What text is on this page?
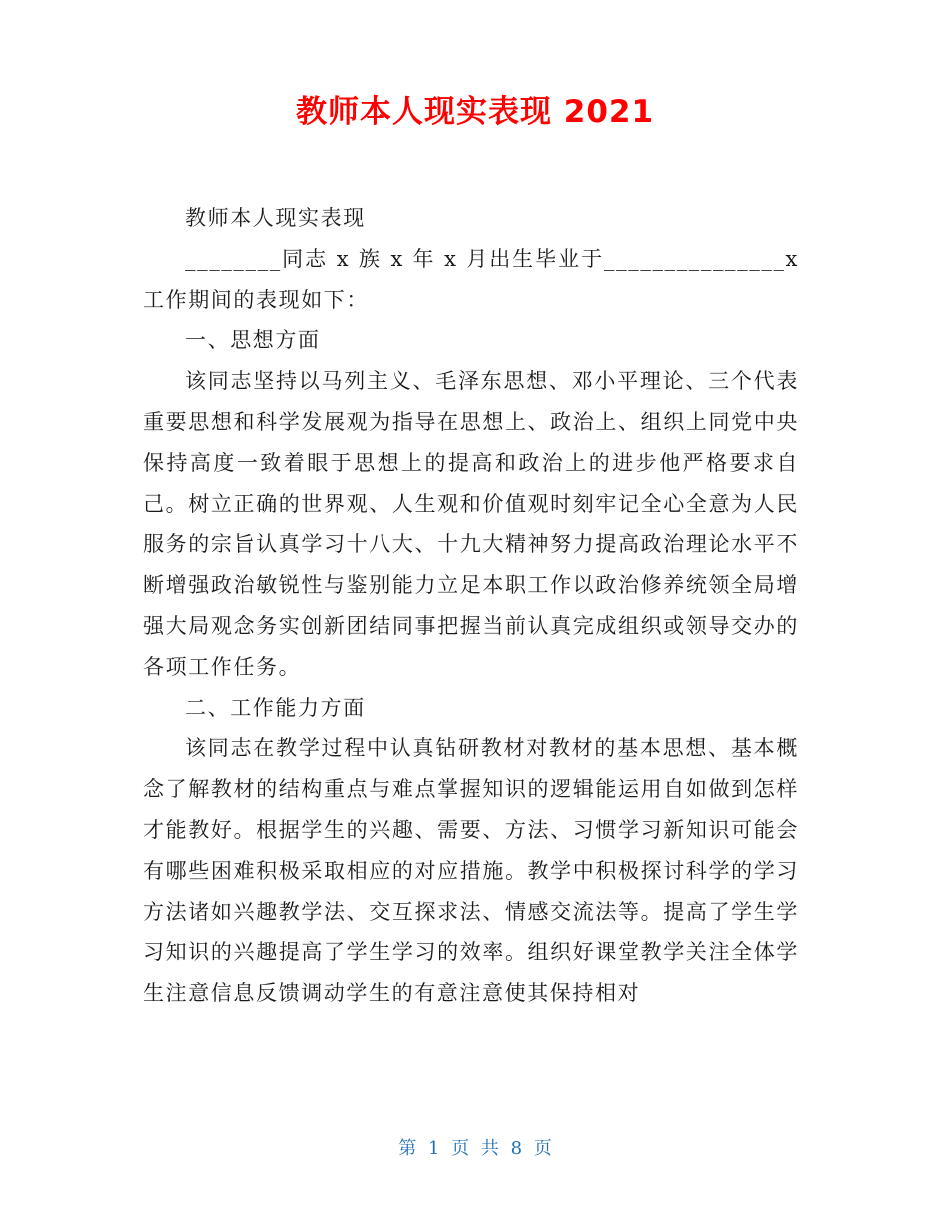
教师本人现实表现 2021

教师本人现实表现

________同志 x 族 x 年 x 月出生毕业于_______________x 工作期间的表现如下：

一、思想方面

该同志坚持以马列主义、毛泽东思想、邓小平理论、三个代表重要思想和科学发展观为指导在思想上、政治上、组织上同党中央保持高度一致着眼于思想上的提高和政治上的进步他严格要求自己。树立正确的世界观、人生观和价值观时刻牢记全心全意为人民服务的宗旨认真学习十八大、十九大精神努力提高政治理论水平不断增强政治敏锐性与鉴别能力立足本职工作以政治修养统领全局增强大局观念务实创新团结同事把握当前认真完成组织或领导交办的各项工作任务。

二、工作能力方面

该同志在教学过程中认真钻研教材对教材的基本思想、基本概念了解教材的结构重点与难点掌握知识的逻辑能运用自如做到怎样才能教好。根据学生的兴趣、需要、方法、习惯学习新知识可能会有哪些困难积极采取相应的对应措施。教学中积极探讨科学的学习方法诸如兴趣教学法、交互探求法、情感交流法等。提高了学生学习知识的兴趣提高了学生学习的效率。组织好课堂教学关注全体学生注意信息反馈调动学生的有意注意使其保持相对

第 1 页 共 8 页
